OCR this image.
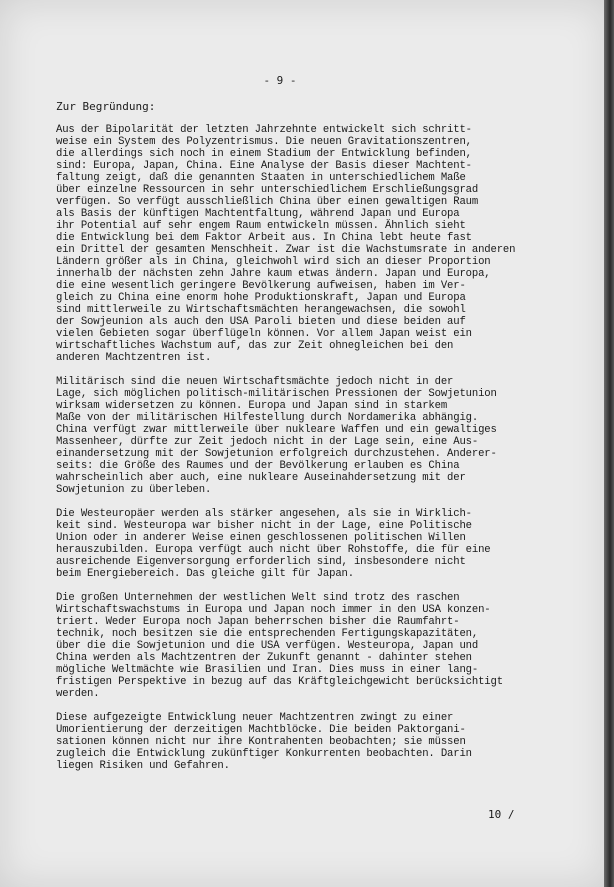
- 9 -
Zur Begründung:
Aus der Bipolarität der letzten Jahrzehnte entwickelt sich schritt-
weise ein System des Polyzentrismus. Die neuen Gravitationszentren,
die allerdings sich noch in einem Stadium der Entwicklung befinden,
sind: Europa, Japan, China. Eine Analyse der Basis dieser Machtent-
faltung zeigt, daß die genannten Staaten in unterschiedlichem Maße
über einzelne Ressourcen in sehr unterschiedlichem Erschließungsgrad
verfügen. So verfügt ausschließlich China über einen gewaltigen Raum
als Basis der künftigen Machtentfaltung, während Japan und Europa
ihr Potential auf sehr engem Raum entwickeln müssen. Ähnlich sieht
die Entwicklung bei dem Faktor Arbeit aus. In China lebt heute fast
ein Drittel der gesamten Menschheit. Zwar ist die Wachstumsrate in anderen
Ländern größer als in China, gleichwohl wird sich an dieser Proportion
innerhalb der nächsten zehn Jahre kaum etwas ändern. Japan und Europa,
die eine wesentlich geringere Bevölkerung aufweisen, haben im Ver-
gleich zu China eine enorm hohe Produktionskraft, Japan und Europa
sind mittlerweile zu Wirtschaftsmächten herangewachsen, die sowohl
der Sowjeunion als auch den USA Paroli bieten und diese beiden auf
vielen Gebieten sogar überflügeln können. Vor allem Japan weist ein
wirtschaftliches Wachstum auf, das zur Zeit ohnegleichen bei den
anderen Machtzentren ist.
Militärisch sind die neuen Wirtschaftsmächte jedoch nicht in der
Lage, sich möglichen politisch-militärischen Pressionen der Sowjetunion
wirksam widersetzen zu können. Europa und Japan sind in starkem
Maße von der militärischen Hilfestellung durch Nordamerika abhängig.
China verfügt zwar mittlerweile über nukleare Waffen und ein gewaltiges
Massenheer, dürfte zur Zeit jedoch nicht in der Lage sein, eine Aus-
einandersetzung mit der Sowjetunion erfolgreich durchzustehen. Anderer-
seits: die Größe des Raumes und der Bevölkerung erlauben es China
wahrscheinlich aber auch, eine nukleare Auseinahdersetzung mit der
Sowjetunion zu überleben.
Die Westeuropäer werden als stärker angesehen, als sie in Wirklich-
keit sind. Westeuropa war bisher nicht in der Lage, eine Politische
Union oder in anderer Weise einen geschlossenen politischen Willen
herauszubilden. Europa verfügt auch nicht über Rohstoffe, die für eine
ausreichende Eigenversorgung erforderlich sind, insbesondere nicht
beim Energiebereich. Das gleiche gilt für Japan.
Die großen Unternehmen der westlichen Welt sind trotz des raschen
Wirtschaftswachstums in Europa und Japan noch immer in den USA konzen-
triert. Weder Europa noch Japan beherrschen bisher die Raumfahrt-
technik, noch besitzen sie die entsprechenden Fertigungskapazitäten,
über die die Sowjetunion und die USA verfügen. Westeuropa, Japan und
China werden als Machtzentren der Zukunft genannt - dahinter stehen
mögliche Weltmächte wie Brasilien und Iran. Dies muss in einer lang-
fristigen Perspektive in bezug auf das Kräftgleichgewicht berücksichtigt
werden.
Diese aufgezeigte Entwicklung neuer Machtzentren zwingt zu einer
Umorientierung der derzeitigen Machtblöcke. Die beiden Paktorgani-
sationen können nicht nur ihre Kontrahenten beobachten; sie müssen
zugleich die Entwicklung zukünftiger Konkurrenten beobachten. Darin
liegen Risiken und Gefahren.
10 /
